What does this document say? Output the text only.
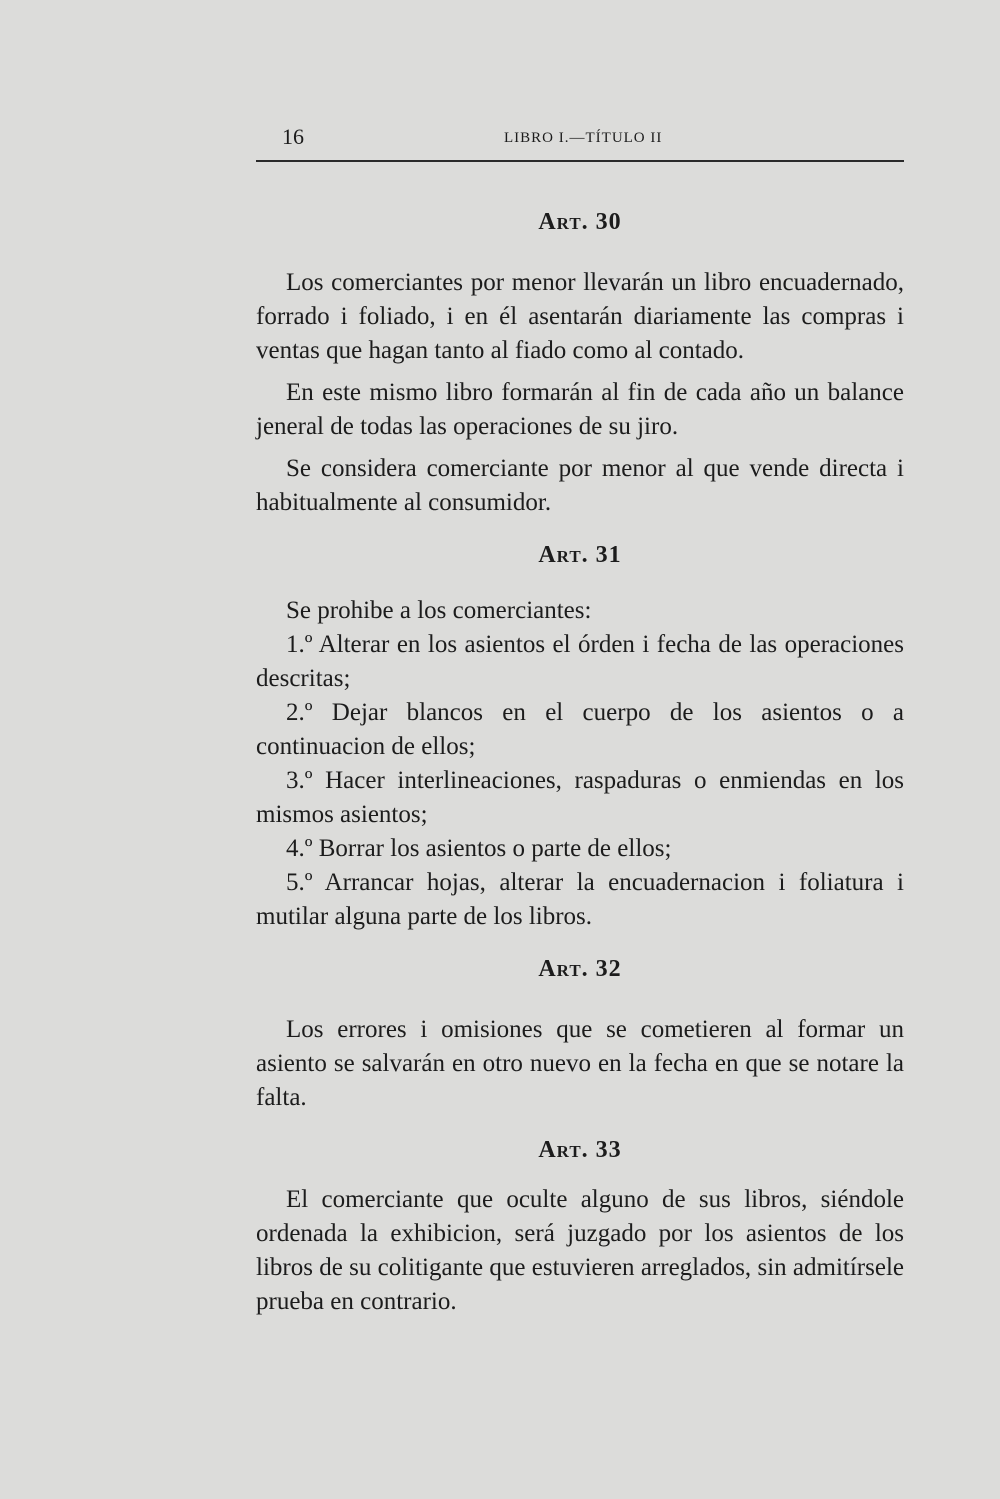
16	LIBRO I.—TÍTULO II
Art. 30

Los comerciantes por menor llevarán un libro encuadernado, forrado i foliado, i en él asentarán diariamente las compras i ventas que hagan tanto al fiado como al contado.

En este mismo libro formarán al fin de cada año un balance jeneral de todas las operaciones de su jiro.

Se considera comerciante por menor al que vende directa i habitualmente al consumidor.

Art. 31

Se prohibe a los comerciantes:

1.º Alterar en los asientos el órden i fecha de las operaciones descritas;

2.º Dejar blancos en el cuerpo de los asientos o a continuacion de ellos;

3.º Hacer interlineaciones, raspaduras o enmiendas en los mismos asientos;

4.º Borrar los asientos o parte de ellos;

5.º Arrancar hojas, alterar la encuadernacion i foliatura i mutilar alguna parte de los libros.

Art. 32

Los errores i omisiones que se cometieren al formar un asiento se salvarán en otro nuevo en la fecha en que se notare la falta.

Art. 33

El comerciante que oculte alguno de sus libros, siéndole ordenada la exhibicion, será juzgado por los asientos de los libros de su colitigante que estuvieren arreglados, sin admitírsele prueba en contrario.
